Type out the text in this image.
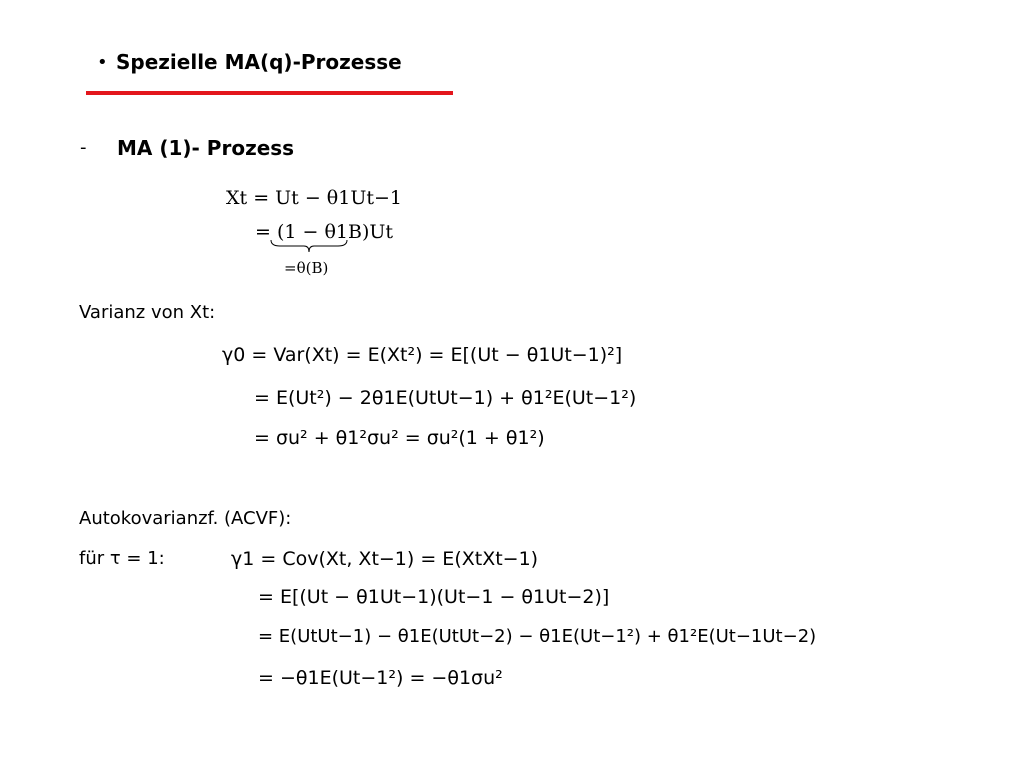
• Spezielle MA(q)-Prozesse
- MA (1)- Prozess
Xt = Ut − θ1Ut−1
= (1 − θ1B)Ut
=θ(B)
Varianz von Xt:
γ0 = Var(Xt) = E(Xt²) = E[(Ut − θ1Ut−1)²]
= E(Ut²) − 2θ1E(UtUt−1) + θ1²E(Ut−1²)
= σu² + θ1²σu² = σu²(1 + θ1²)
Autokovarianzf. (ACVF):
für τ = 1:	γ1 = Cov(Xt, Xt−1) = E(XtXt−1)
= E[(Ut − θ1Ut−1)(Ut−1 − θ1Ut−2)]
= E(UtUt−1) − θ1E(UtUt−2) − θ1E(Ut−1²) + θ1²E(Ut−1Ut−2)
= −θ1E(Ut−1²) = −θ1σu²
